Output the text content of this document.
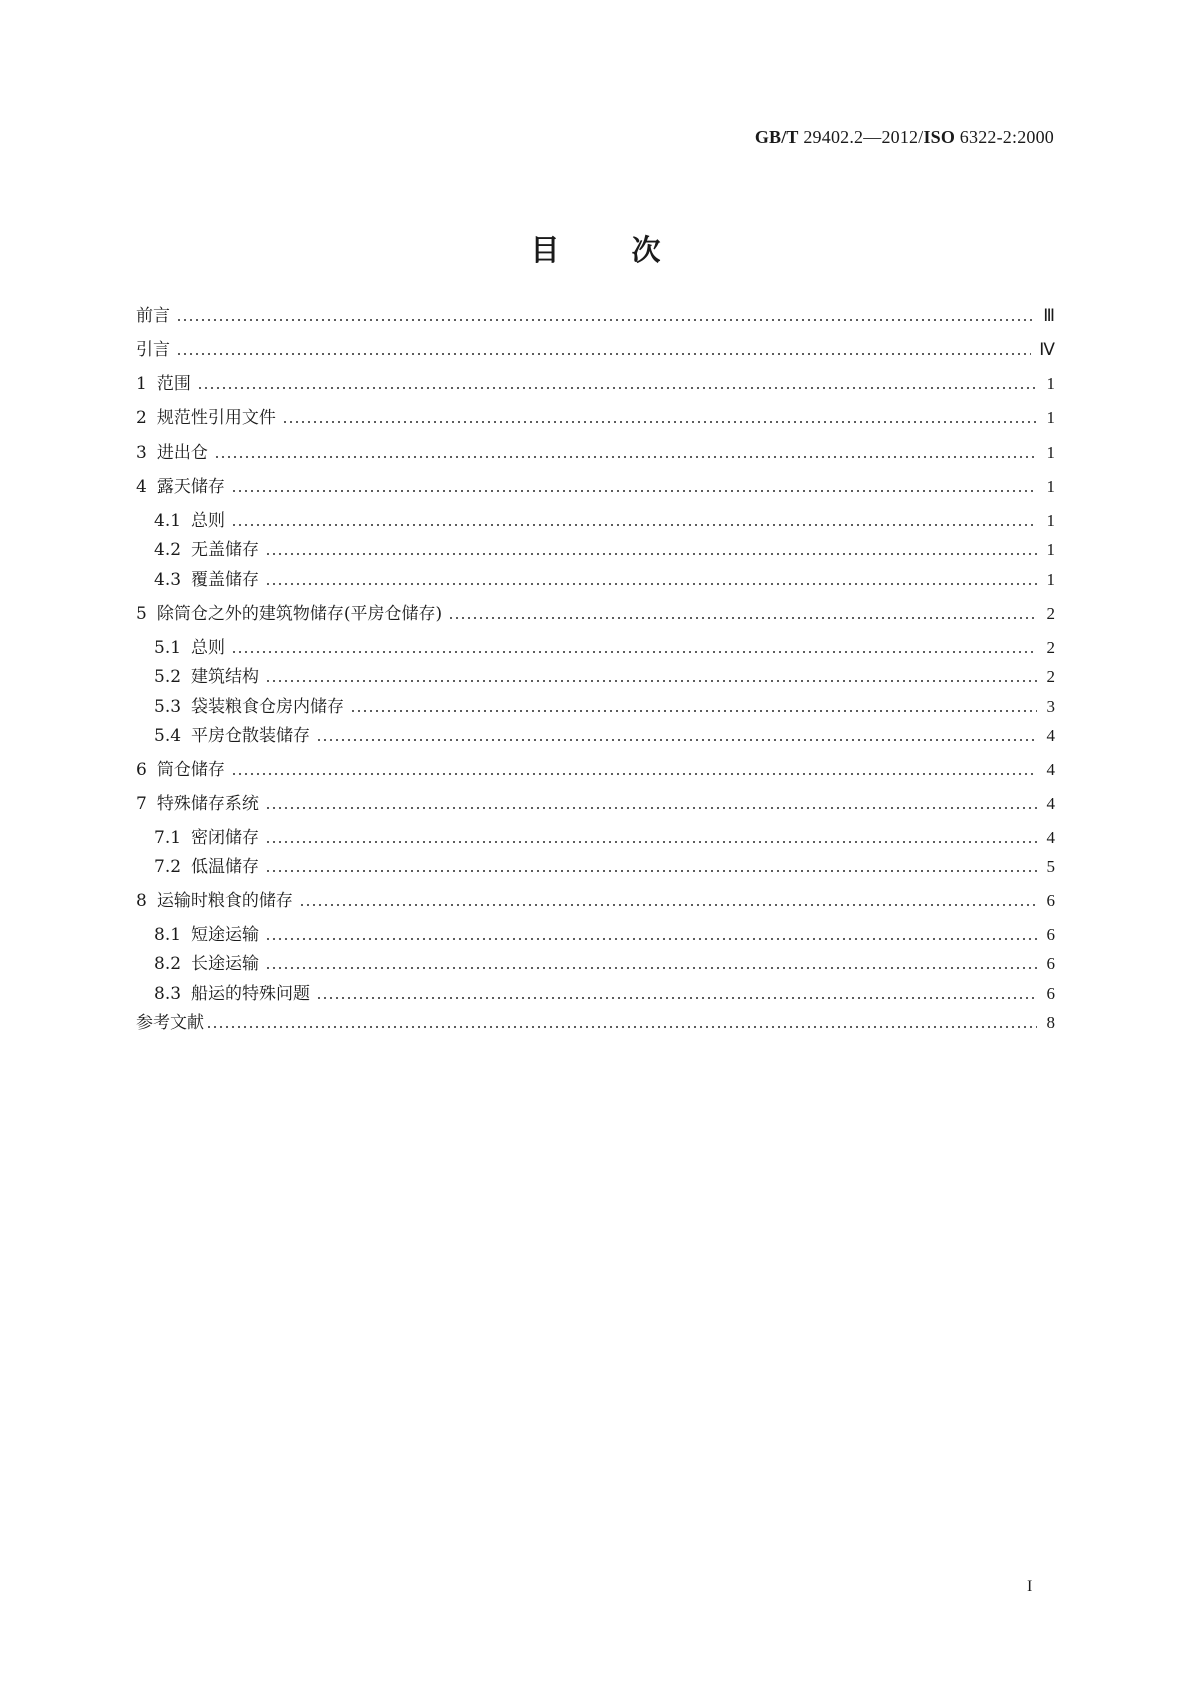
GB/T 29402.2—2012/ISO 6322-2:2000
目 次
前言	Ⅲ
引言	Ⅳ
1 范围	1
2 规范性引用文件	1
3 进出仓	1
4 露天储存	1
4.1 总则	1
4.2 无盖储存	1
4.3 覆盖储存	1
5 除筒仓之外的建筑物储存(平房仓储存)	2
5.1 总则	2
5.2 建筑结构	2
5.3 袋装粮食仓房内储存	3
5.4 平房仓散装储存	4
6 筒仓储存	4
7 特殊储存系统	4
7.1 密闭储存	4
7.2 低温储存	5
8 运输时粮食的储存	6
8.1 短途运输	6
8.2 长途运输	6
8.3 船运的特殊问题	6
参考文献	8
I
